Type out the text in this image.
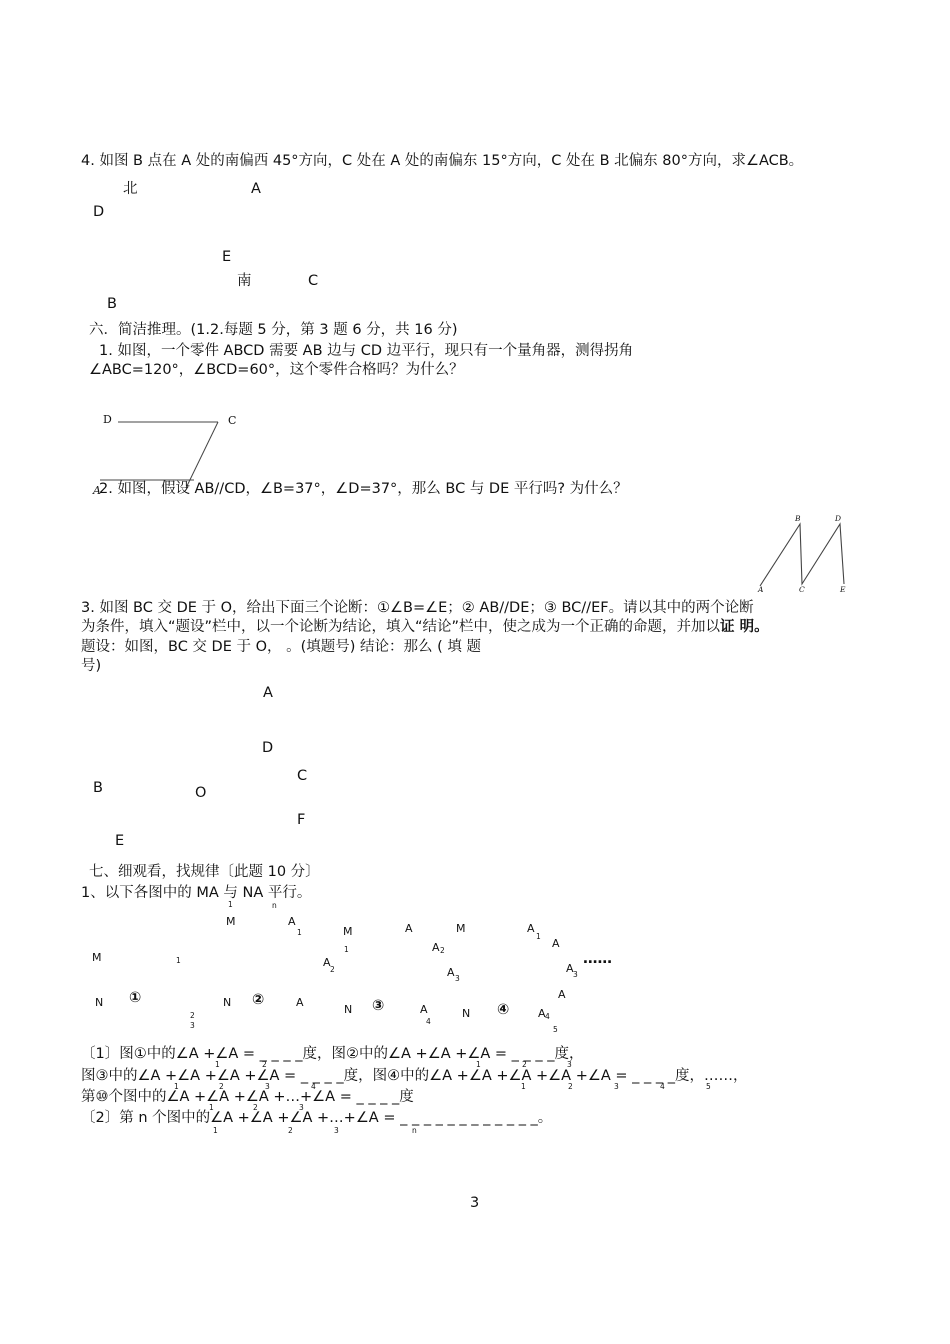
4. 如图 B 点在 A 处的南偏西 45°方向，C 处在 A 处的南偏东 15°方向，C 处在 B 北偏东 80°方向，求∠ACB。
北	A
D
E
南	C
B
六．简洁推理。(1.2.每题 5 分，第 3 题 6 分，共 16 分)
1. 如图，一个零件 ABCD 需要 AB 边与 CD 边平行，现只有一个量角器，测得拐角
∠ABC=120°，∠BCD=60°，这个零件合格吗？为什么？
D	C
A
2. 如图，假设 AB//CD，∠B=37°，∠D=37°，那么 BC 与 DE 平行吗? 为什么？
A
B
C
D
E
3. 如图 BC 交 DE 于 O，给出下面三个论断：①∠B=∠E；② AB//DE；③ BC//EF。请以其中的两个论断
为条件，填入“题设”栏中，以一个论断为结论，填入“结论”栏中，使之成为一个正确的命题，并加以证 明。
题设：如图，BC 交 DE 于 O， 。(填题号) 结论：那么 ( 填 题
号)
A
D
C
B	O
F
E
七、细观看，找规律〔此题 10 分〕
1、以下各图中的 MA 与 NA 平行。
1	n
M	1
N ①
2
3
M	A
1
A
2
N ②	A
M
1
A
A 2
A 3
N ③	A
4
M	A
1
A
A 3
……
A
N ④	A 4
5
〔1〕图①中的∠A +∠A = _ _ _ _度，图②中的∠A +∠A +∠A = _ _ _ _度，
图③中的∠A +∠A +∠A +∠A = _ _ _ _度，图④中的∠A +∠A +∠A +∠A +∠A = _ _ _ _度，……，
第⑩个图中的∠A +∠A +∠A +…+∠A = _ _ _ _度
〔2〕第 n 个图中的∠A +∠A +∠A +…+∠A = _ _ _ _ _ _ _ _ _ _ _ _。
1	2	1	2	3
1	2	3	4	1	2	3	4	5
1	2	3
1	2	3	n
3
